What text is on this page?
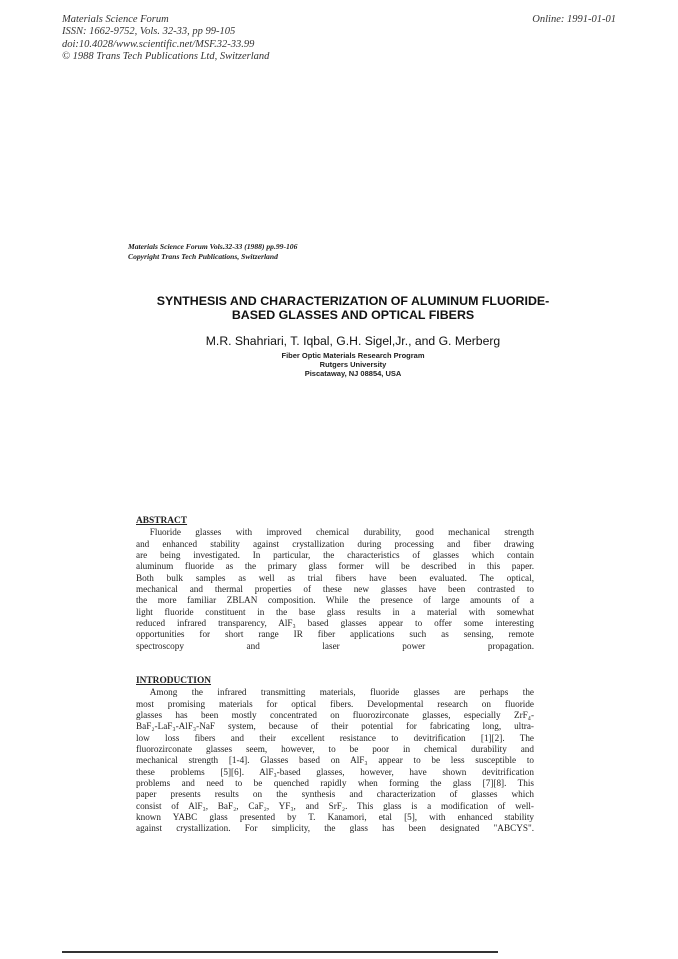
Materials Science Forum
ISSN: 1662-9752, Vols. 32-33, pp 99-105
doi:10.4028/www.scientific.net/MSF.32-33.99
© 1988 Trans Tech Publications Ltd, Switzerland
Online: 1991-01-01
Materials Science Forum Vols.32-33 (1988) pp.99-106
Copyright Trans Tech Publications, Switzerland
SYNTHESIS AND CHARACTERIZATION OF ALUMINUM FLUORIDE-
BASED GLASSES AND OPTICAL FIBERS
M.R. Shahriari, T. Iqbal, G.H. Sigel,Jr., and G. Merberg
Fiber Optic Materials Research Program
Rutgers University
Piscataway, NJ 08854, USA
ABSTRACT
  Fluoride glasses with improved chemical durability, good mechanical strength
and enhanced stability against crystallization during processing and fiber drawing
are being investigated. In particular, the characteristics of glasses which contain
aluminum fluoride as the primary glass former will be described in this paper.
Both bulk samples as well as trial fibers have been evaluated. The optical,
mechanical and thermal properties of these new glasses have been contrasted to
the more familiar ZBLAN composition. While the presence of large amounts of a
light fluoride constituent in the base glass results in a material with somewhat
reduced infrared transparency, AlF₃ based glasses appear to offer some interesting
opportunities for short range IR fiber applications such as sensing, remote
spectroscopy and laser power propagation.
INTRODUCTION
  Among the infrared transmitting materials, fluoride glasses are perhaps the
most promising materials for optical fibers. Developmental research on fluoride
glasses has been mostly concentrated on fluorozirconate glasses, especially ZrF₄-
BaF₂-LaF₃-AlF₃-NaF system, because of their potential for fabricating long, ultra-
low loss fibers and their excellent resistance to devitrification [1][2]. The
fluorozirconate glasses seem, however, to be poor in chemical durability and
mechanical strength [1-4]. Glasses based on AlF₃ appear to be less susceptible to
these problems [5][6]. AlF₃-based glasses, however, have shown devitrification
problems and need to be quenched rapidly when forming the glass [7][8]. This
paper presents results on the synthesis and characterization of glasses which
consist of AlF₃, BaF₂, CaF₂, YF₃, and SrF₂. This glass is a modification of well-
known YABC glass presented by T. Kanamori, etal [5], with enhanced stability
against crystallization. For simplicity, the glass has been designated "ABCYS".
